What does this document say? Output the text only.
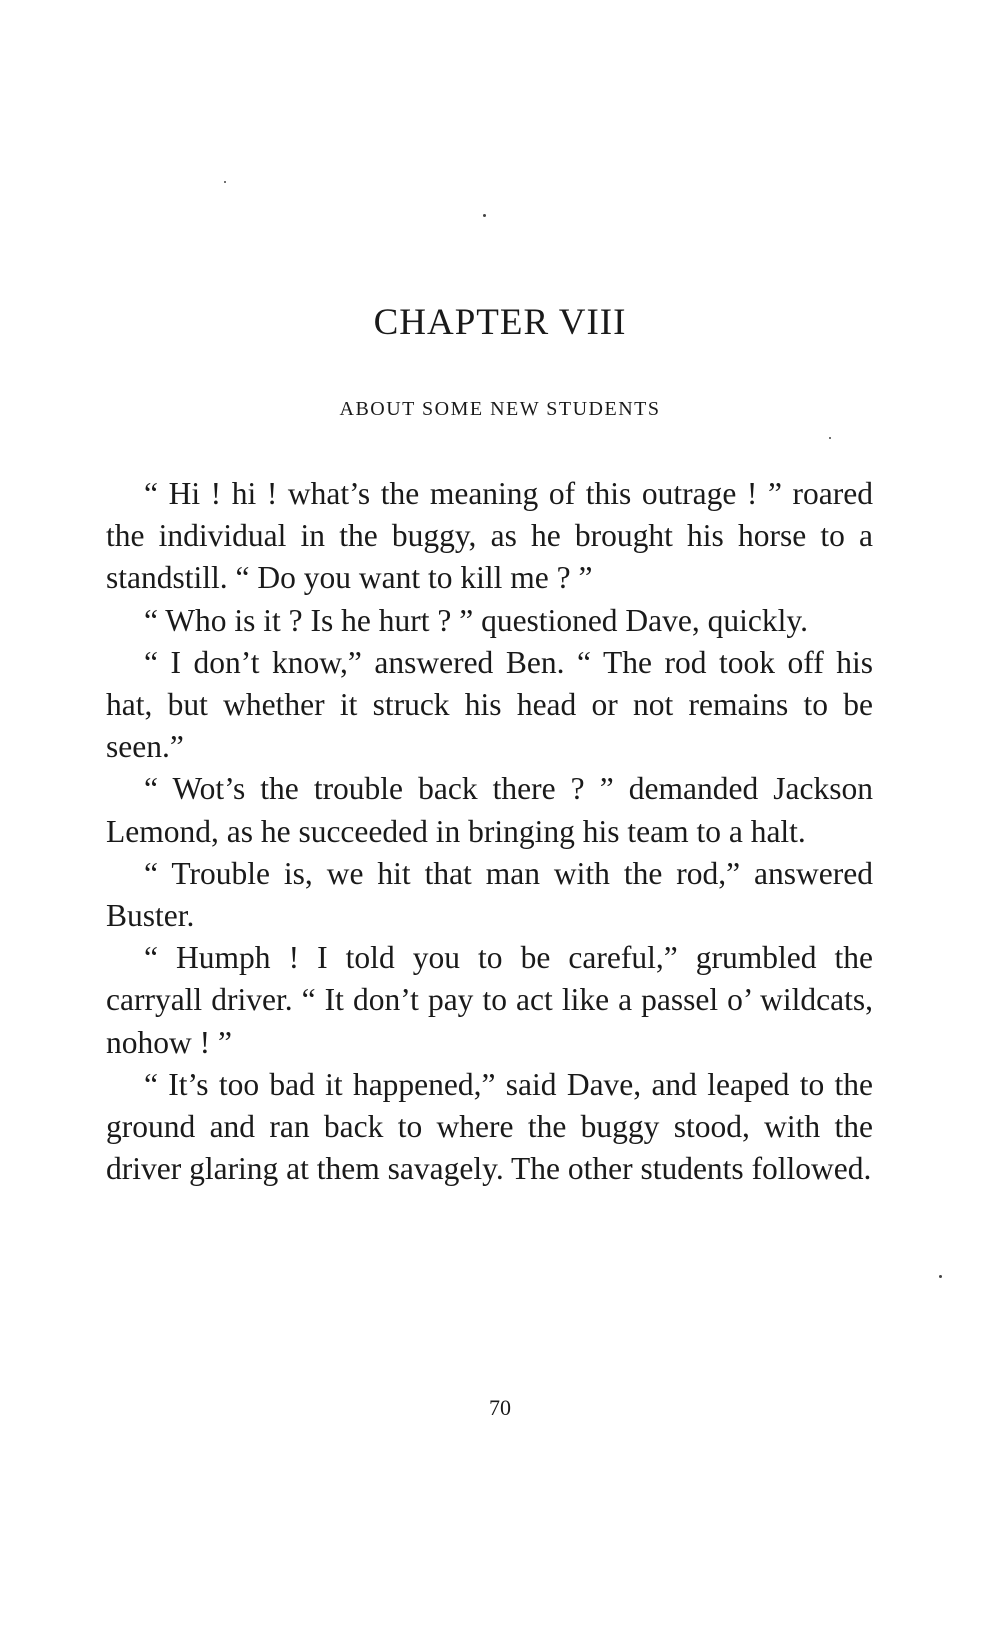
CHAPTER VIII
ABOUT SOME NEW STUDENTS

“ Hi ! hi ! what’s the meaning of this outrage ! ” roared the individual in the buggy, as he brought his horse to a standstill. “ Do you want to kill me ? ”

“ Who is it ? Is he hurt ? ” questioned Dave, quickly.

“ I don’t know,” answered Ben. “ The rod took off his hat, but whether it struck his head or not remains to be seen.”

“ Wot’s the trouble back there ? ” demanded Jackson Lemond, as he succeeded in bringing his team to a halt.

“ Trouble is, we hit that man with the rod,” answered Buster.

“ Humph ! I told you to be careful,” grumbled the carryall driver. “ It don’t pay to act like a passel o’ wildcats, nohow ! ”

“ It’s too bad it happened,” said Dave, and leaped to the ground and ran back to where the buggy stood, with the driver glaring at them savagely. The other students followed.

70
